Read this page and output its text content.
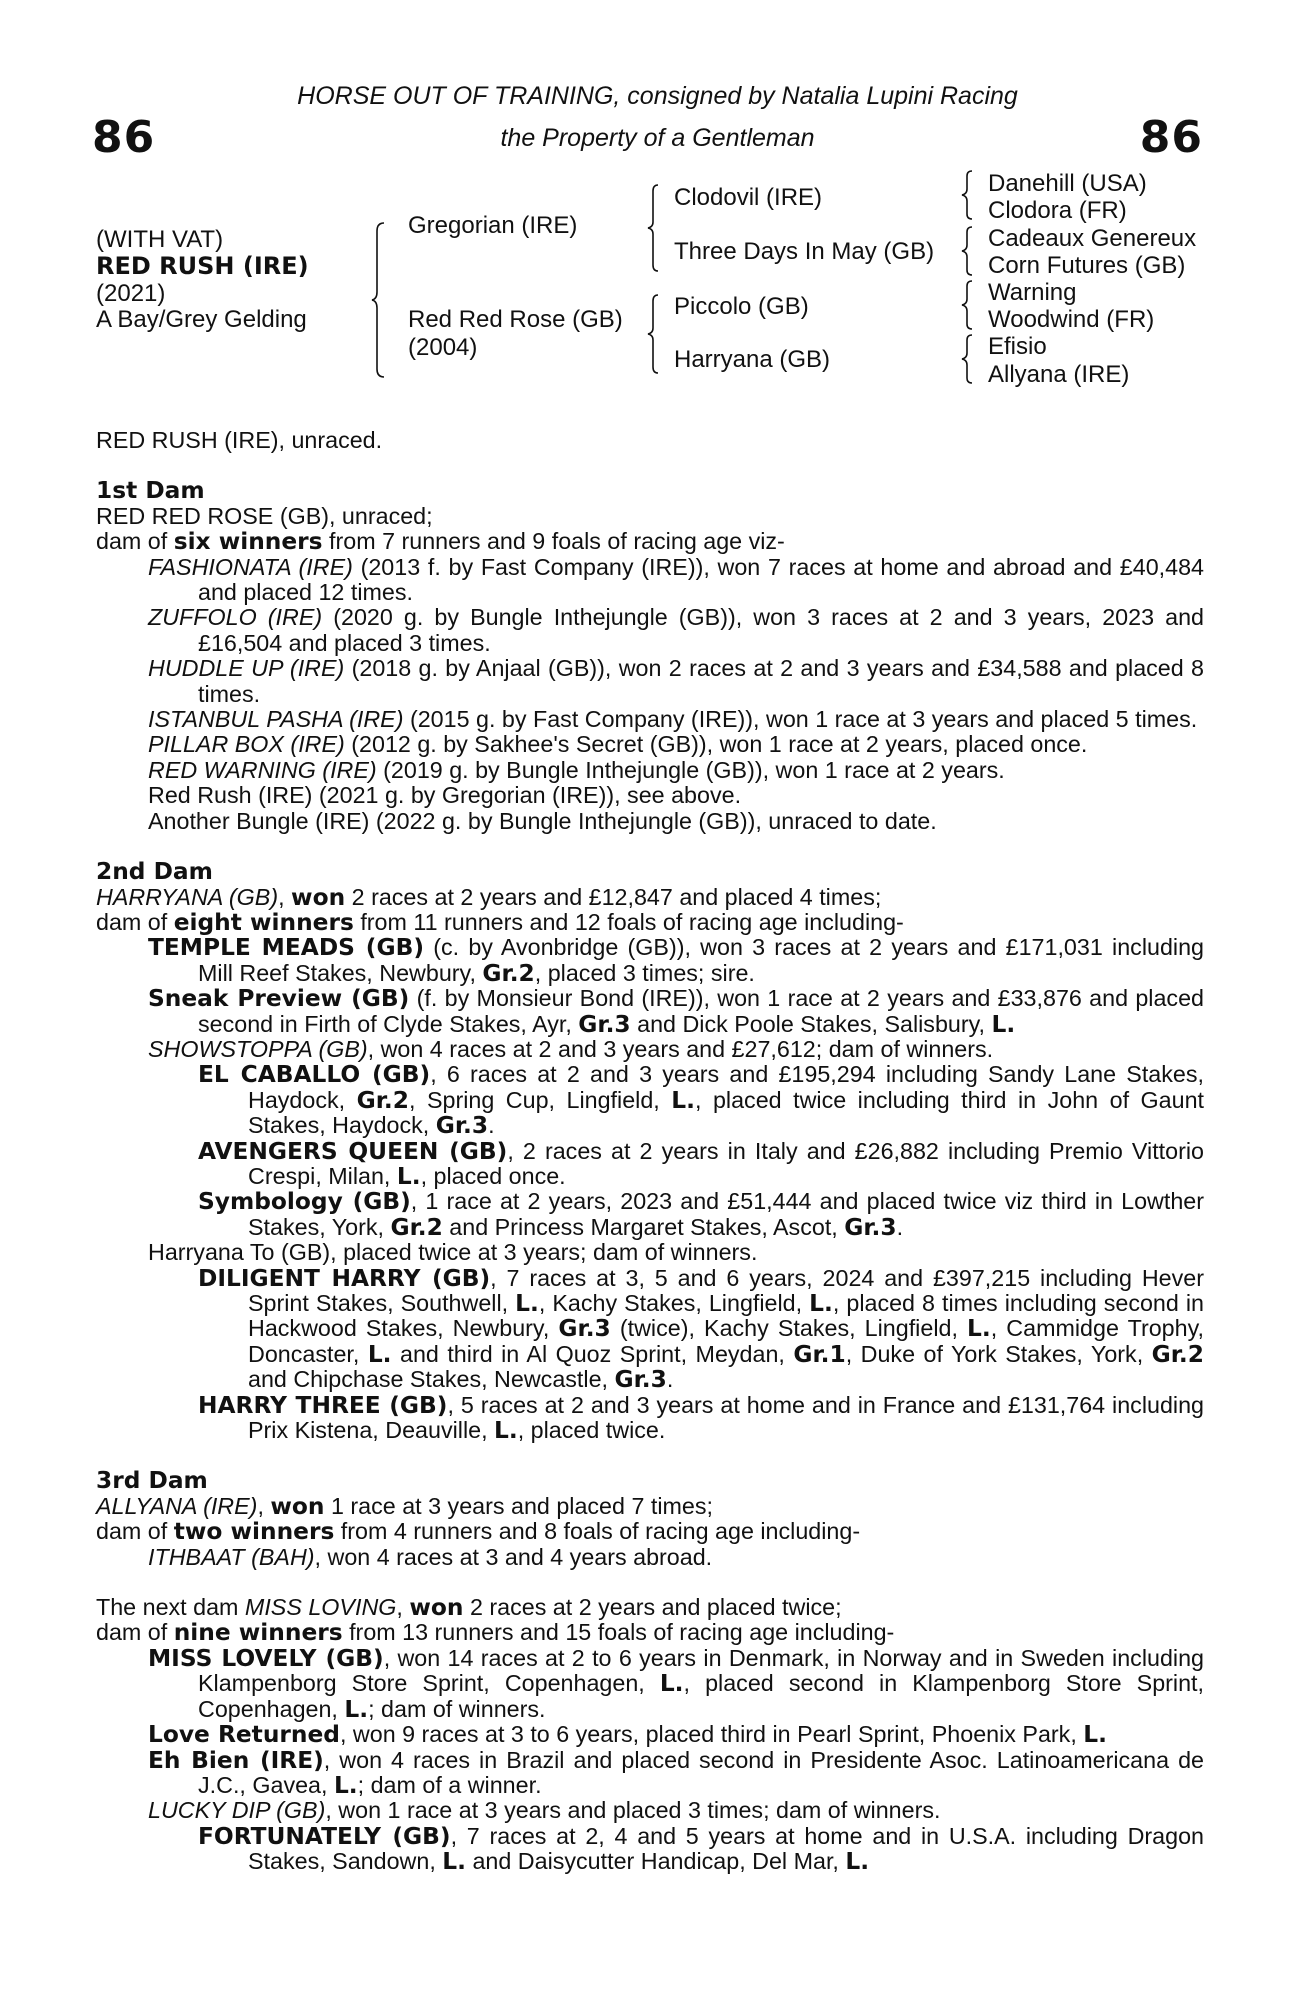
86	86
HORSE OUT OF TRAINING, consigned by Natalia Lupini Racing
the Property of a Gentleman
(WITH VAT)
RED RUSH (IRE)
(2021)
A Bay/Grey Gelding
Gregorian (IRE)
Red Red Rose (GB)
(2004)
Clodovil (IRE)
Three Days In May (GB)
Piccolo (GB)
Harryana (GB)
Danehill (USA)
Clodora (FR)
Cadeaux Genereux
Corn Futures (GB)
Warning
Woodwind (FR)
Efisio
Allyana (IRE)

RED RUSH (IRE), unraced.

1st Dam

RED RED ROSE (GB), unraced;

dam of six winners from 7 runners and 9 foals of racing age viz-

FASHIONATA (IRE) (2013 f. by Fast Company (IRE)), won 7 races at home and abroad and £40,484 and placed 12 times.

ZUFFOLO (IRE) (2020 g. by Bungle Inthejungle (GB)), won 3 races at 2 and 3 years, 2023 and £16,504 and placed 3 times.

HUDDLE UP (IRE) (2018 g. by Anjaal (GB)), won 2 races at 2 and 3 years and £34,588 and placed 8 times.

ISTANBUL PASHA (IRE) (2015 g. by Fast Company (IRE)), won 1 race at 3 years and placed 5 times.

PILLAR BOX (IRE) (2012 g. by Sakhee's Secret (GB)), won 1 race at 2 years, placed once.

RED WARNING (IRE) (2019 g. by Bungle Inthejungle (GB)), won 1 race at 2 years.

Red Rush (IRE) (2021 g. by Gregorian (IRE)), see above.

Another Bungle (IRE) (2022 g. by Bungle Inthejungle (GB)), unraced to date.

2nd Dam

HARRYANA (GB), won 2 races at 2 years and £12,847 and placed 4 times;

dam of eight winners from 11 runners and 12 foals of racing age including-

TEMPLE MEADS (GB) (c. by Avonbridge (GB)), won 3 races at 2 years and £171,031 including Mill Reef Stakes, Newbury, Gr.2, placed 3 times; sire.

Sneak Preview (GB) (f. by Monsieur Bond (IRE)), won 1 race at 2 years and £33,876 and placed second in Firth of Clyde Stakes, Ayr, Gr.3 and Dick Poole Stakes, Salisbury, L.

SHOWSTOPPA (GB), won 4 races at 2 and 3 years and £27,612; dam of winners.

EL CABALLO (GB), 6 races at 2 and 3 years and £195,294 including Sandy Lane Stakes, Haydock, Gr.2, Spring Cup, Lingfield, L., placed twice including third in John of Gaunt Stakes, Haydock, Gr.3.

AVENGERS QUEEN (GB), 2 races at 2 years in Italy and £26,882 including Premio Vittorio Crespi, Milan, L., placed once.

Symbology (GB), 1 race at 2 years, 2023 and £51,444 and placed twice viz third in Lowther Stakes, York, Gr.2 and Princess Margaret Stakes, Ascot, Gr.3.

Harryana To (GB), placed twice at 3 years; dam of winners.

DILIGENT HARRY (GB), 7 races at 3, 5 and 6 years, 2024 and £397,215 including Hever Sprint Stakes, Southwell, L., Kachy Stakes, Lingfield, L., placed 8 times including second in Hackwood Stakes, Newbury, Gr.3 (twice), Kachy Stakes, Lingfield, L., Cammidge Trophy, Doncaster, L. and third in Al Quoz Sprint, Meydan, Gr.1, Duke of York Stakes, York, Gr.2 and Chipchase Stakes, Newcastle, Gr.3.

HARRY THREE (GB), 5 races at 2 and 3 years at home and in France and £131,764 including Prix Kistena, Deauville, L., placed twice.

3rd Dam

ALLYANA (IRE), won 1 race at 3 years and placed 7 times;

dam of two winners from 4 runners and 8 foals of racing age including-

ITHBAAT (BAH), won 4 races at 3 and 4 years abroad.

The next dam MISS LOVING, won 2 races at 2 years and placed twice;

dam of nine winners from 13 runners and 15 foals of racing age including-

MISS LOVELY (GB), won 14 races at 2 to 6 years in Denmark, in Norway and in Sweden including Klampenborg Store Sprint, Copenhagen, L., placed second in Klampenborg Store Sprint, Copenhagen, L.; dam of winners.

Love Returned, won 9 races at 3 to 6 years, placed third in Pearl Sprint, Phoenix Park, L.

Eh Bien (IRE), won 4 races in Brazil and placed second in Presidente Asoc. Latinoamericana de J.C., Gavea, L.; dam of a winner.

LUCKY DIP (GB), won 1 race at 3 years and placed 3 times; dam of winners.

FORTUNATELY (GB), 7 races at 2, 4 and 5 years at home and in U.S.A. including Dragon Stakes, Sandown, L. and Daisycutter Handicap, Del Mar, L.
